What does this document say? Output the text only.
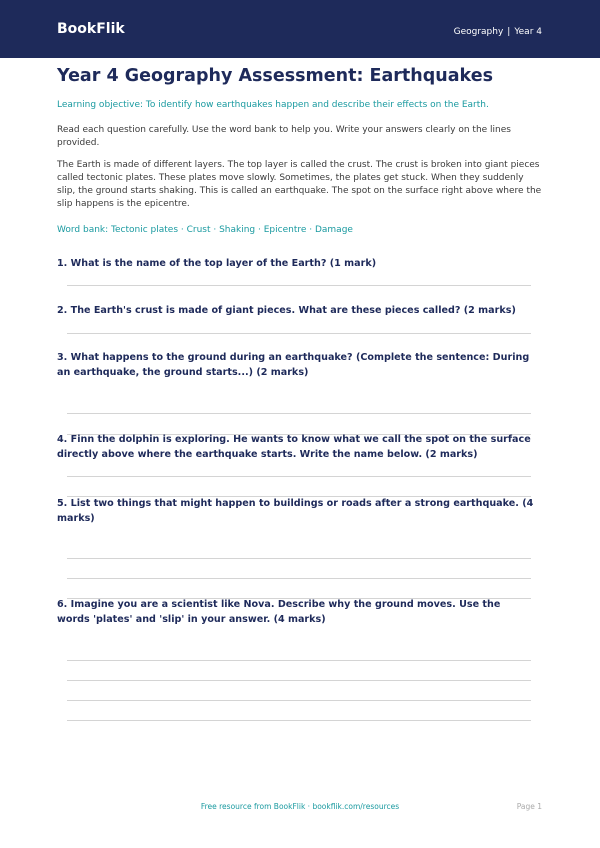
BookFlik	Geography | Year 4
Year 4 Geography Assessment: Earthquakes

Learning objective: To identify how earthquakes happen and describe their effects on the Earth.

Read each question carefully. Use the word bank to help you. Write your answers clearly on the lines provided.

The Earth is made of different layers. The top layer is called the crust. The crust is broken into giant pieces called tectonic plates. These plates move slowly. Sometimes, the plates get stuck. When they suddenly slip, the ground starts shaking. This is called an earthquake. The spot on the surface right above where the slip happens is the epicentre.

Word bank: Tectonic plates · Crust · Shaking · Epicentre · Damage

1. What is the name of the top layer of the Earth? (1 mark)

2. The Earth's crust is made of giant pieces. What are these pieces called? (2 marks)

3. What happens to the ground during an earthquake? (Complete the sentence: During an earthquake, the ground starts...) (2 marks)

4. Finn the dolphin is exploring. He wants to know what we call the spot on the surface directly above where the earthquake starts. Write the name below. (2 marks)

5. List two things that might happen to buildings or roads after a strong earthquake. (4 marks)

6. Imagine you are a scientist like Nova. Describe why the ground moves. Use the words 'plates' and 'slip' in your answer. (4 marks)

Free resource from BookFlik · bookflik.com/resources	Page 1
